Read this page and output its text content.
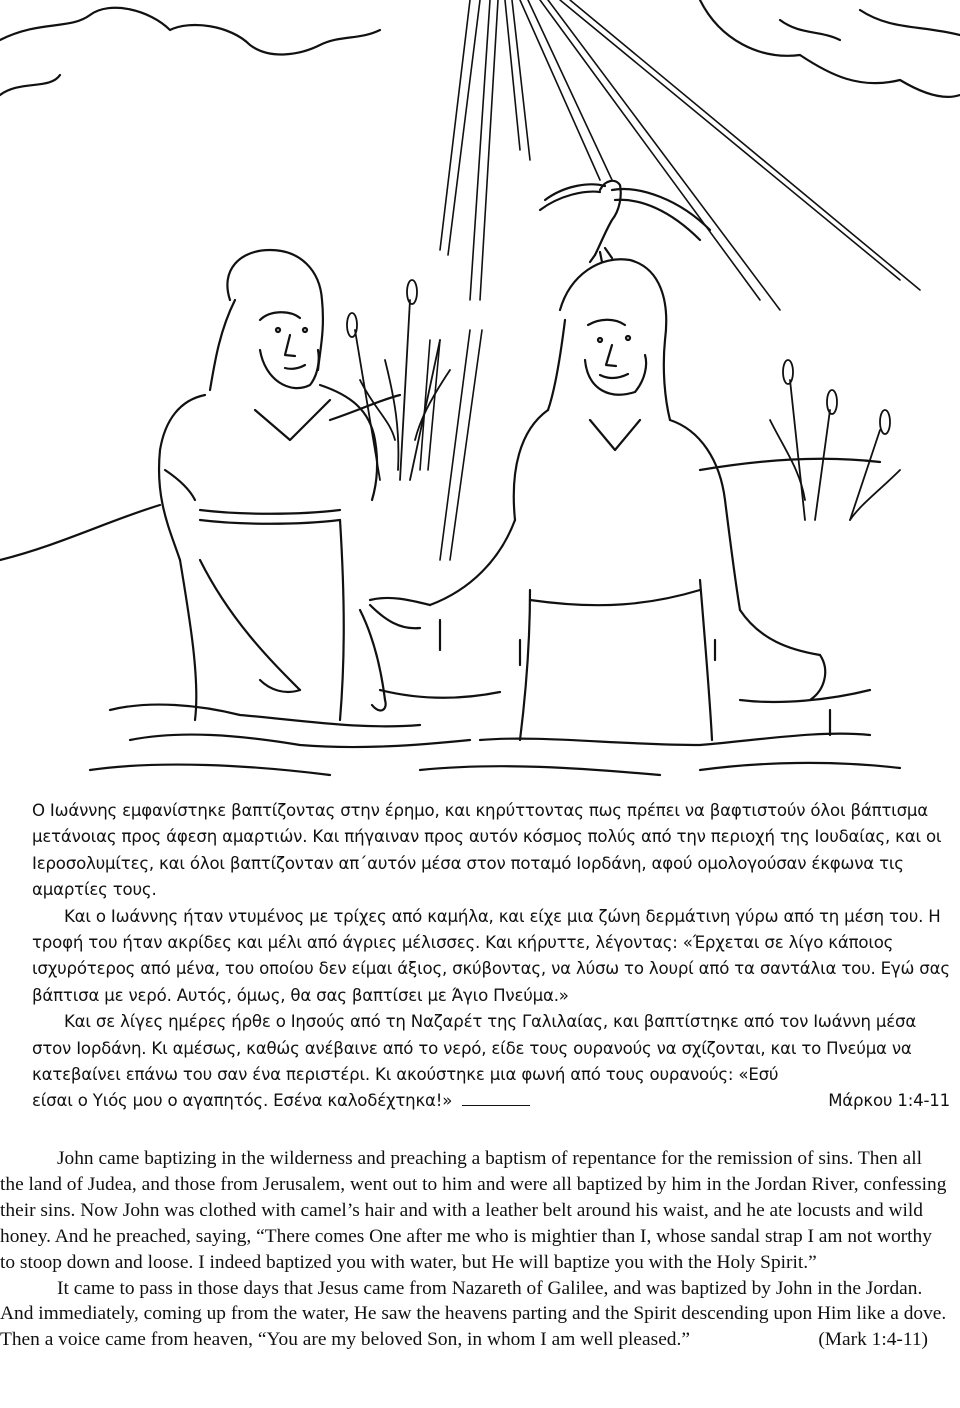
Ο Ιωάννης εμφανίστηκε βαπτίζοντας στην έρημο, και κηρύττοντας πως πρέπει να βαφτιστούν όλοι βάπτισμα μετάνοιας προς άφεση αμαρτιών. Και πήγαιναν προς αυτόν κόσμος πολύς από την περιοχή της Ιουδαίας, και οι Ιεροσολυμίτες, και όλοι βαπτίζονταν απ΄αυτόν μέσα στον ποταμό Ιορδάνη, αφού ομολογούσαν έκφωνα τις αμαρτίες τους.

Και ο Ιωάννης ήταν ντυμένος με τρίχες από καμήλα, και είχε μια ζώνη δερμάτινη γύρω από τη μέση του. Η τροφή του ήταν ακρίδες και μέλι από άγριες μέλισσες. Και κήρυττε, λέγοντας: «Έρχεται σε λίγο κάποιος ισχυρότερος από μένα, του οποίου δεν είμαι άξιος, σκύβοντας, να λύσω το λουρί από τα σαντάλια του. Εγώ σας βάπτισα με νερό. Αυτός, όμως, θα σας βαπτίσει με Άγιο Πνεύμα.»

Και σε λίγες ημέρες ήρθε ο Ιησούς από τη Ναζαρέτ της Γαλιλαίας, και βαπτίστηκε από τον Ιωάννη μέσα στον Ιορδάνη. Κι αμέσως, καθώς ανέβαινε από το νερό, είδε τους ουρανούς να σχίζονται, και το Πνεύμα να κατεβαίνει επάνω του σαν ένα περιστέρι. Κι ακούστηκε μια φωνή από τους ουρανούς: «Εσύ

είσαι ο Υιός μου ο αγαπητός. Εσένα καλοδέχτηκα!»	Μάρκου 1:4-11

John came baptizing in the wilderness and preaching a baptism of repentance for the remission of sins. Then all the land of Judea, and those from Jerusalem, went out to him and were all baptized by him in the Jordan River, confessing their sins. Now John was clothed with camel’s hair and with a leather belt around his waist, and he ate locusts and wild honey. And he preached, saying, “There comes One after me who is mightier than I, whose sandal strap I am not worthy to stoop down and loose. I indeed baptized you with water, but He will baptize you with the Holy Spirit.”

It came to pass in those days that Jesus came from Nazareth of Galilee, and was baptized by John in the Jordan. And immediately, coming up from the water, He saw the heavens parting and the Spirit descending upon Him like a dove. Then a voice came from heaven, “You are my beloved Son, in whom I am well pleased.”	(Mark 1:4-11)
